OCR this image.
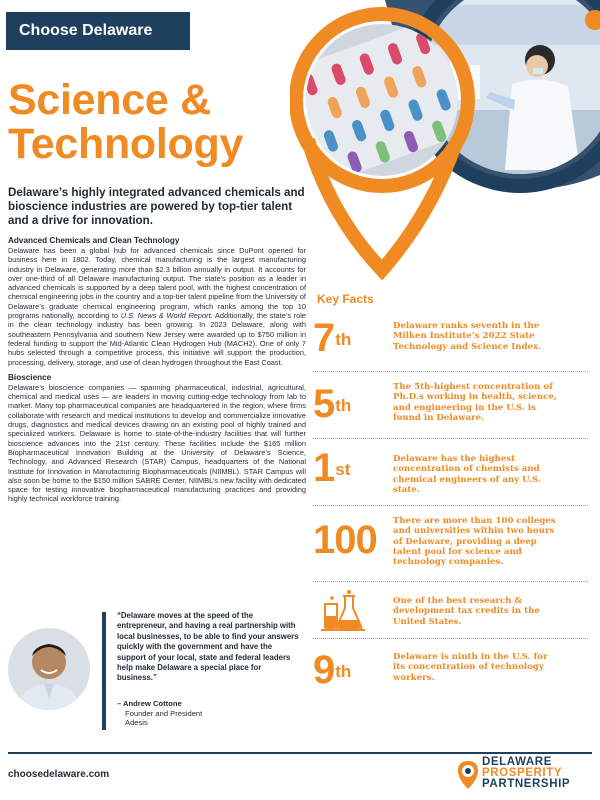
Choose Delaware
Science &
Technology
Delaware’s highly integrated advanced chemicals and bioscience industries are powered by top-tier talent and a drive for innovation.
Advanced Chemicals and Clean Technology

Delaware has been a global hub for advanced chemicals since DuPont opened for business here in 1802. Today, chemical manufacturing is the largest manufacturing industry in Delaware, generating more than $2.3 billion annually in output. It accounts for over one-third of all Delaware manufacturing output. The state’s position as a leader in advanced chemicals is supported by a deep talent pool, with the highest concentration of chemical engineering jobs in the country and a top-tier talent pipeline from the University of Delaware’s graduate chemical engineering program, which ranks among the top 10 programs nationally, according to U.S. News & World Report. Additionally, the state’s role in the clean technology industry has been growing. In 2023 Delaware, along with southeastern Pennsylvania and southern New Jersey were awarded up to $750 million in federal funding to support the Mid-Atlantic Clean Hydrogen Hub (MACH2). One of only 7 hubs selected through a competitive process, this initiative will support the production, processing, delivery, storage, and use of clean hydrogen throughout the East Coast.

Bioscience

Delaware’s bioscience companies — spanning pharmaceutical, industrial, agricultural, chemical and medical uses — are leaders in moving cutting-edge technology from lab to market. Many top pharmaceutical companies are headquartered in the region, where firms collaborate with research and medical institutions to develop and commercialize innovative drugs, diagnostics and medical devices drawing on an existing pool of highly trained and specialized workers. Delaware is home to state-of-the-industry facilities that will further bioscience advances into the 21st century. These facilities include the $165 million Biopharmaceutical Innovation Building at the University of Delaware’s Science, Technology, and Advanced Research (STAR) Campus, headquarters of the National Institute for Innovation in Manufacturing Biopharmaceuticals (NIIMBL). STAR Campus will also soon be home to the $150 million SABRE Center, NIIMBL’s new facility with dedicated space for testing innovative biopharmaceutical manufacturing practices and providing highly technical workforce training.

“Delaware moves at the speed of the entrepreneur, and having a real partnership with local businesses, to be able to find your answers quickly with the government and have the support of your local, state and federal leaders help make Delaware a special place for business.”
– Andrew Cottone
Founder and President
Adesis
Key Facts
7th
Delaware ranks seventh in the Milken Institute’s 2022 State Technology and Science Index.
5th
The 5th-highest concentration of Ph.D.s working in health, science, and engineering in the U.S. is found in Delaware.
1st
Delaware has the highest concentration of chemists and chemical engineers of any U.S. state.
100 There are more than 100 colleges and universities within two hours of Delaware, providing a deep talent pool for science and technology companies.
One of the best research & development tax credits in the United States.
9th
Delaware is ninth in the U.S. for its concentration of technology workers.
choosedelaware.com
DELAWARE
PROSPERITY
PARTNERSHIP
